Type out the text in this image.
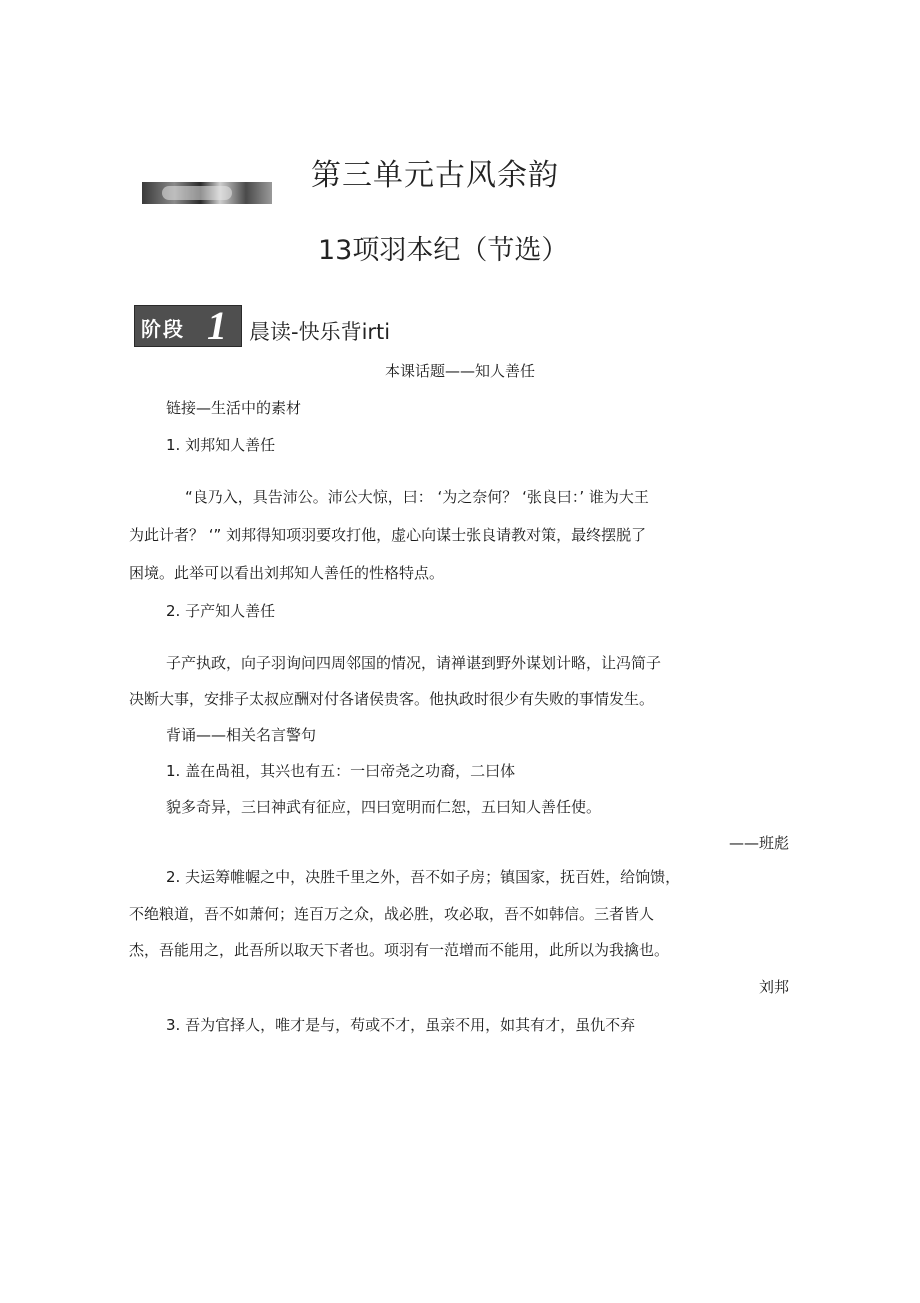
第三单元古风余韵
13项羽本纪（节选）
阶段 1 晨读-快乐背irti
本课话题——知人善任
链接—生活中的素材
1. 刘邦知人善任
“良乃入，具告沛公。沛公大惊，曰： ‘为之奈何？ ‘张良曰：’ 谁为大王
为此计者？ ‘” 刘邦得知项羽要攻打他，虚心向谋士张良请教对策，最终摆脱了
困境。此举可以看出刘邦知人善任的性格特点。
2. 子产知人善任
子产执政，向子羽询问四周邻国的情况，请禅谌到野外谋划计略，让冯简子
决断大事，安排子太叔应酬对付各诸侯贵客。他执政时很少有失败的事情发生。
背诵——相关名言警句
1. 盖在咼祖，其兴也有五：一曰帝尧之功裔，二曰体
貌多奇异，三曰神武有征应，四曰宽明而仁恕，五曰知人善任使。
——班彪
2. 夫运筹帷幄之中，决胜千里之外，吾不如子房；镇国家，抚百姓，给饷馈，
不绝粮道，吾不如萧何；连百万之众，战必胜，攻必取，吾不如韩信。三者皆人
杰，吾能用之，此吾所以取天下者也。项羽有一范增而不能用，此所以为我擒也。
刘邦
3. 吾为官择人，唯才是与，苟或不才，虽亲不用，如其有才，虽仇不弃
